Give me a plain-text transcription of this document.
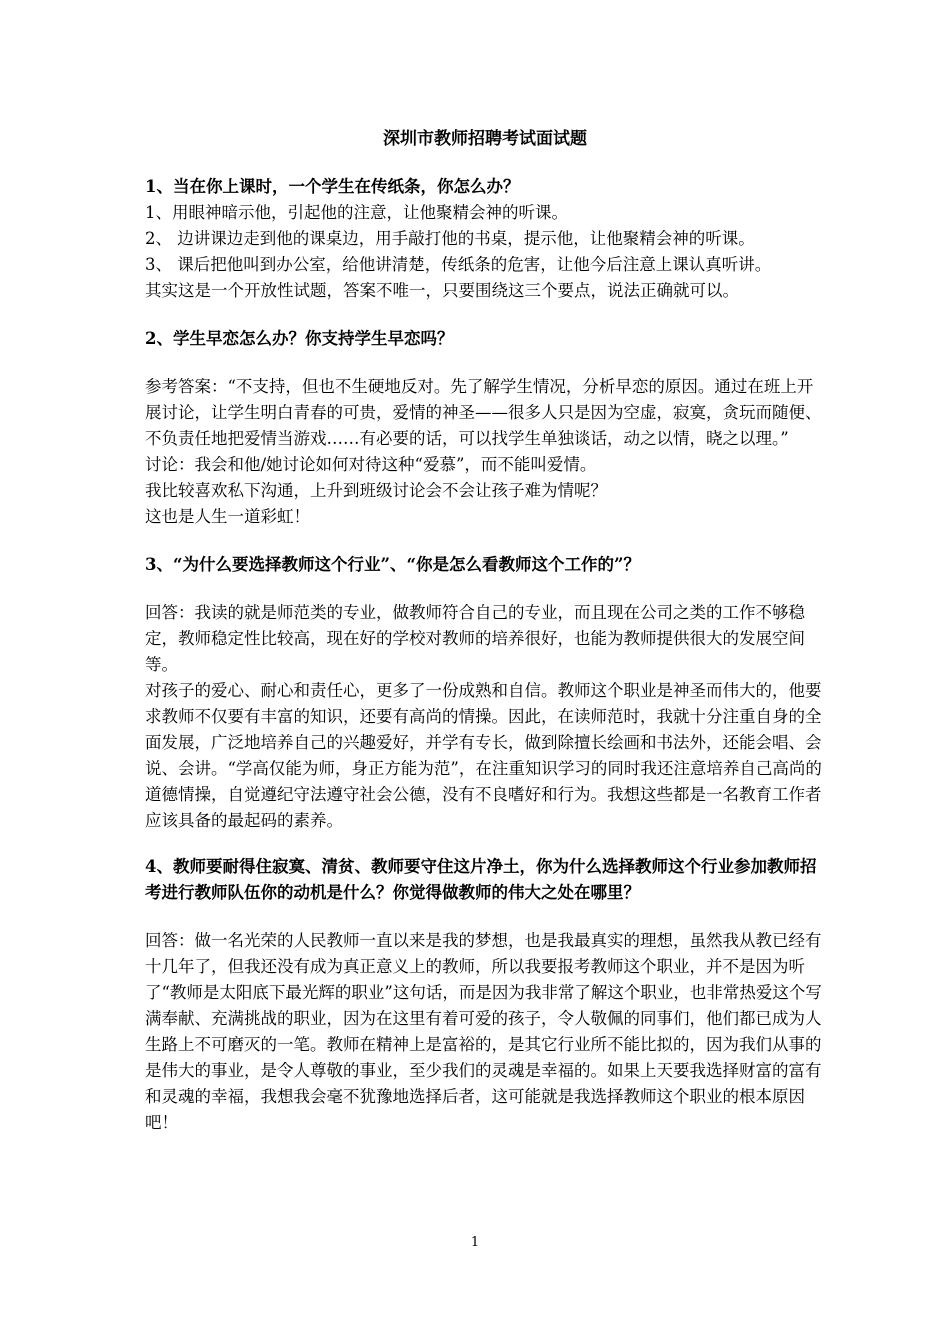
深圳市教师招聘考试面试题

1、当在你上课时，一个学生在传纸条，你怎么办？

1、用眼神暗示他，引起他的注意，让他聚精会神的听课。

2、 边讲课边走到他的课桌边，用手敲打他的书桌，提示他，让他聚精会神的听课。

3、 课后把他叫到办公室，给他讲清楚，传纸条的危害，让他今后注意上课认真听讲。

其实这是一个开放性试题，答案不唯一，只要围绕这三个要点，说法正确就可以。

2、学生早恋怎么办？你支持学生早恋吗？

参考答案：“不支持，但也不生硬地反对。先了解学生情况，分析早恋的原因。通过在班上开展讨论，让学生明白青春的可贵，爱情的神圣——很多人只是因为空虚，寂寞，贪玩而随便、不负责任地把爱情当游戏……有必要的话，可以找学生单独谈话，动之以情，晓之以理。”

讨论：我会和他/她讨论如何对待这种“爱慕”，而不能叫爱情。

我比较喜欢私下沟通，上升到班级讨论会不会让孩子难为情呢？

这也是人生一道彩虹！

3、“为什么要选择教师这个行业”、“你是怎么看教师这个工作的”？

回答：我读的就是师范类的专业，做教师符合自己的专业，而且现在公司之类的工作不够稳定，教师稳定性比较高，现在好的学校对教师的培养很好，也能为教师提供很大的发展空间等。

对孩子的爱心、耐心和责任心，更多了一份成熟和自信。教师这个职业是神圣而伟大的，他要求教师不仅要有丰富的知识，还要有高尚的情操。因此，在读师范时，我就十分注重自身的全面发展，广泛地培养自己的兴趣爱好，并学有专长，做到除擅长绘画和书法外，还能会唱、会说、会讲。“学高仅能为师，身正方能为范”，在注重知识学习的同时我还注意培养自己高尚的道德情操，自觉遵纪守法遵守社会公德，没有不良嗜好和行为。我想这些都是一名教育工作者应该具备的最起码的素养。

4、教师要耐得住寂寞、清贫、教师要守住这片净土，你为什么选择教师这个行业参加教师招考进行教师队伍你的动机是什么？你觉得做教师的伟大之处在哪里？

回答：做一名光荣的人民教师一直以来是我的梦想，也是我最真实的理想，虽然我从教已经有十几年了，但我还没有成为真正意义上的教师，所以我要报考教师这个职业，并不是因为听了“教师是太阳底下最光辉的职业”这句话，而是因为我非常了解这个职业，也非常热爱这个写满奉献、充满挑战的职业，因为在这里有着可爱的孩子，令人敬佩的同事们，他们都已成为人生路上不可磨灭的一笔。教师在精神上是富裕的，是其它行业所不能比拟的，因为我们从事的是伟大的事业，是令人尊敬的事业，至少我们的灵魂是幸福的。如果上天要我选择财富的富有和灵魂的幸福，我想我会毫不犹豫地选择后者，这可能就是我选择教师这个职业的根本原因吧！

1
